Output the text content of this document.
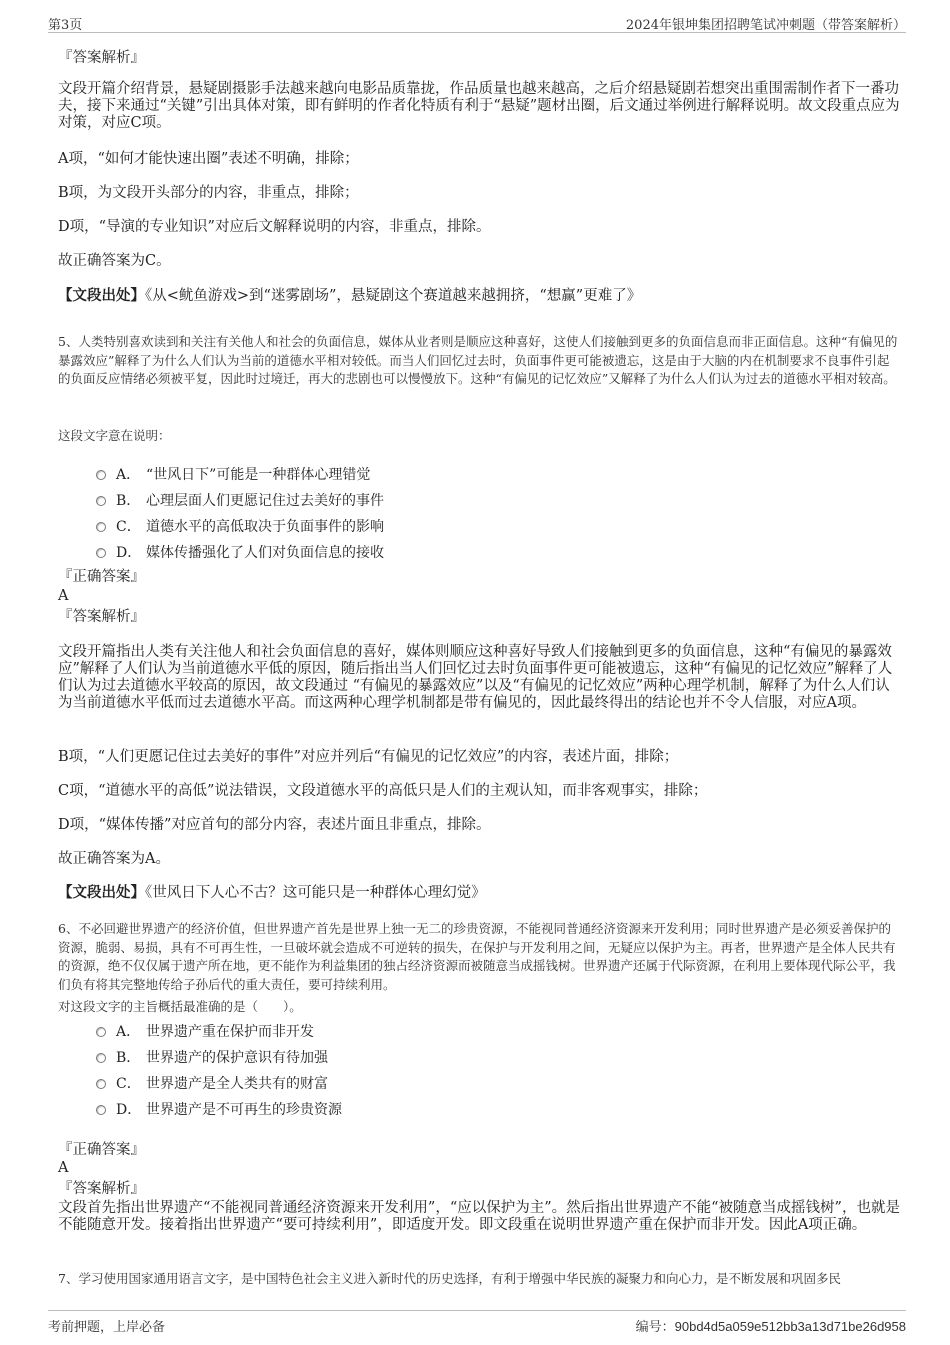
第3页	2024年银坤集团招聘笔试冲刺题（带答案解析）
『答案解析』
文段开篇介绍背景，悬疑剧摄影手法越来越向电影品质靠拢，作品质量也越来越高，之后介绍悬疑剧若想突出重围需制作者下一番功夫，接下来通过“关键”引出具体对策，即有鲜明的作者化特质有利于“悬疑”题材出圈，后文通过举例进行解释说明。故文段重点应为对策，对应C项。
A项，“如何才能快速出圈”表述不明确，排除；
B项，为文段开头部分的内容，非重点，排除；
D项，“导演的专业知识”对应后文解释说明的内容，非重点，排除。
故正确答案为C。
【文段出处】《从<鱿鱼游戏>到“迷雾剧场”，悬疑剧这个赛道越来越拥挤，“想赢”更难了》
5、人类特别喜欢读到和关注有关他人和社会的负面信息，媒体从业者则是顺应这种喜好，这使人们接触到更多的负面信息而非正面信息。这种“有偏见的暴露效应”解释了为什么人们认为当前的道德水平相对较低。而当人们回忆过去时，负面事件更可能被遗忘，这是由于大脑的内在机制要求不良事件引起的负面反应情绪必须被平复，因此时过境迁，再大的悲剧也可以慢慢放下。这种“有偏见的记忆效应”又解释了为什么人们认为过去的道德水平相对较高。
这段文字意在说明：
A． “世风日下”可能是一种群体心理错觉
B． 心理层面人们更愿记住过去美好的事件
C． 道德水平的高低取决于负面事件的影响
D． 媒体传播强化了人们对负面信息的接收
『正确答案』
A
『答案解析』
文段开篇指出人类有关注他人和社会负面信息的喜好，媒体则顺应这种喜好导致人们接触到更多的负面信息，这种“有偏见的暴露效应”解释了人们认为当前道德水平低的原因，随后指出当人们回忆过去时负面事件更可能被遗忘，这种“有偏见的记忆效应”解释了人们认为过去道德水平较高的原因，故文段通过 “有偏见的暴露效应”以及“有偏见的记忆效应”两种心理学机制，解释了为什么人们认为当前道德水平低而过去道德水平高。而这两种心理学机制都是带有偏见的，因此最终得出的结论也并不令人信服，对应A项。
B项，“人们更愿记住过去美好的事件”对应并列后“有偏见的记忆效应”的内容，表述片面，排除；
C项，“道德水平的高低”说法错误，文段道德水平的高低只是人们的主观认知，而非客观事实，排除；
D项，“媒体传播”对应首句的部分内容，表述片面且非重点，排除。
故正确答案为A。
【文段出处】《世风日下人心不古？这可能只是一种群体心理幻觉》
6、不必回避世界遗产的经济价值，但世界遗产首先是世界上独一无二的珍贵资源，不能视同普通经济资源来开发利用；同时世界遗产是必须妥善保护的资源，脆弱、易损，具有不可再生性，一旦破坏就会造成不可逆转的损失，在保护与开发利用之间，无疑应以保护为主。再者，世界遗产是全体人民共有的资源，绝不仅仅属于遗产所在地，更不能作为利益集团的独占经济资源而被随意当成摇钱树。世界遗产还属于代际资源，在利用上要体现代际公平，我们负有将其完整地传给子孙后代的重大责任，要可持续利用。
对这段文字的主旨概括最准确的是（　　）。
A． 世界遗产重在保护而非开发
B． 世界遗产的保护意识有待加强
C． 世界遗产是全人类共有的财富
D． 世界遗产是不可再生的珍贵资源
『正确答案』
A
『答案解析』
文段首先指出世界遗产“不能视同普通经济资源来开发利用”，“应以保护为主”。然后指出世界遗产不能“被随意当成摇钱树”，也就是不能随意开发。接着指出世界遗产“要可持续利用”，即适度开发。即文段重在说明世界遗产重在保护而非开发。因此A项正确。
7、学习使用国家通用语言文字，是中国特色社会主义进入新时代的历史选择，有利于增强中华民族的凝聚力和向心力，是不断发展和巩固多民
考前押题，上岸必备	编号：90bd4d5a059e512bb3a13d71be26d958
